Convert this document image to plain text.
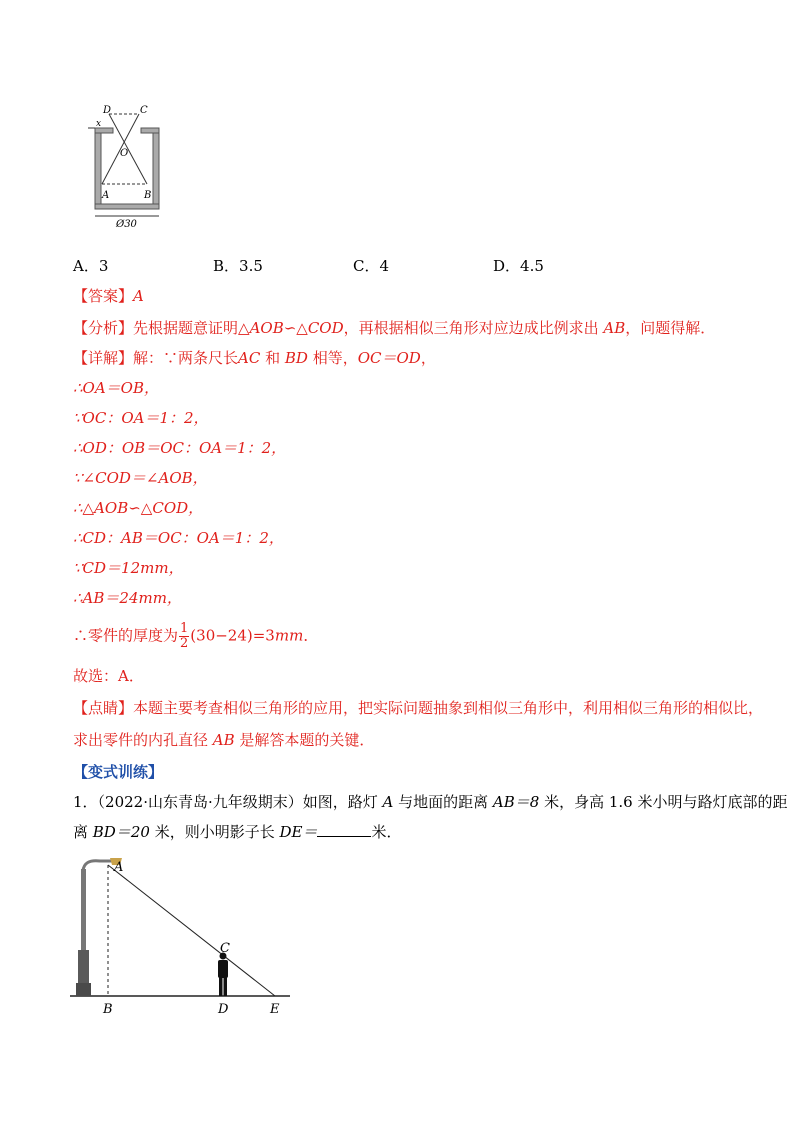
D	C
O
A	B
x
Ø30
A．3	B．3.5	C．4	D．4.5
【答案】A
【分析】先根据题意证明△AOB∽△COD，再根据相似三角形对应边成比例求出 AB，问题得解．
【详解】解：∵两条尺长AC 和 BD 相等，OC＝OD，
∴OA＝OB，
∵OC：OA＝1：2，
∴OD：OB＝OC：OA＝1：2，
∵∠COD＝∠AOB，
∴△AOB∽△COD，
∴CD：AB＝OC：OA＝1：2，
∵CD＝12mm，
∴AB＝24mm，
∴零件的厚度为 $\frac{1}{2} (30-24)=3mm$．
故选：A．
【点睛】本题主要考查相似三角形的应用，把实际问题抽象到相似三角形中，利用相似三角形的相似比，
求出零件的内孔直径 AB 是解答本题的关键．
【变式训练】
1．（2022·山东青岛·九年级期末）如图，路灯 A 与地面的距离 AB＝8 米，身高 1.6 米小明与路灯底部的距
离 BD＝20 米，则小明影子长 DE＝	米．
A
B
C
D	E
